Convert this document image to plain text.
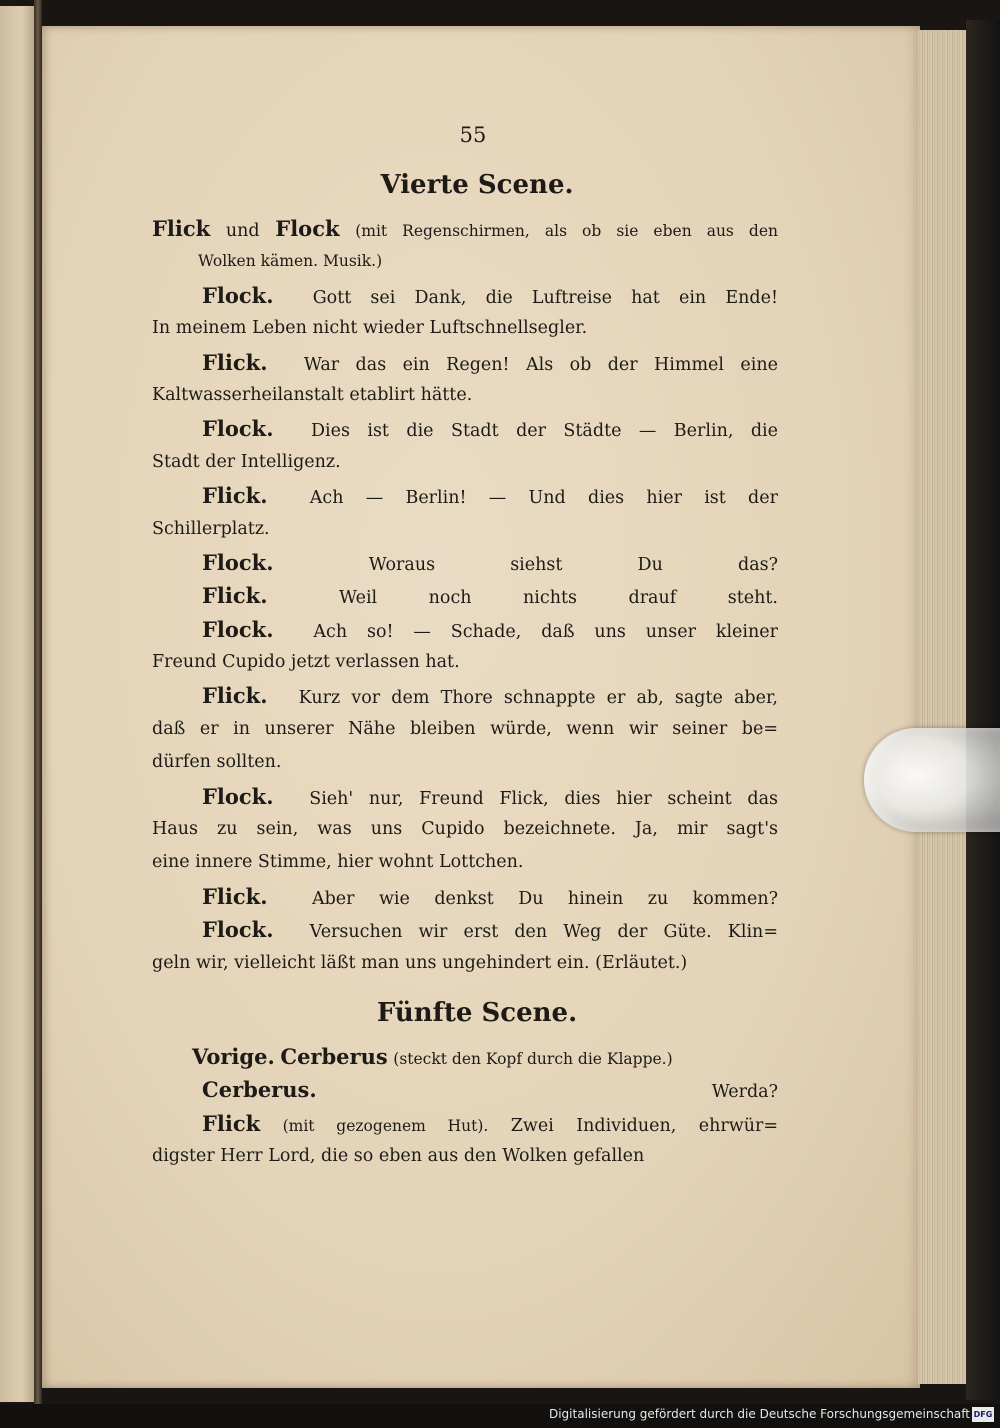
55
Vierte Scene.
Flick und Flock (mit Regenschirmen, als ob sie eben aus den
Wolken kämen. Musik.)
Flock. Gott sei Dank, die Luftreise hat ein Ende!
In meinem Leben nicht wieder Luftschnellsegler.
Flick. War das ein Regen! Als ob der Himmel eine
Kaltwasserheilanstalt etablirt hätte.
Flock. Dies ist die Stadt der Städte — Berlin, die
Stadt der Intelligenz.
Flick. Ach — Berlin! — Und dies hier ist der
Schillerplatz.
Flock.	Woraus siehst Du das?
Flick.	Weil noch nichts drauf steht.
Flock. Ach so! — Schade, daß uns unser kleiner
Freund Cupido jetzt verlassen hat.
Flick. Kurz vor dem Thore schnappte er ab, sagte aber,
daß er in unserer Nähe bleiben würde, wenn wir seiner be=
dürfen sollten.
Flock. Sieh' nur, Freund Flick, dies hier scheint das
Haus zu sein, was uns Cupido bezeichnete. Ja, mir sagt's
eine innere Stimme, hier wohnt Lottchen.
Flick.	Aber wie denkst Du hinein zu kommen?
Flock. Versuchen wir erst den Weg der Güte. Klin=
geln wir, vielleicht läßt man uns ungehindert ein. (Erläutet.)
Fünfte Scene.
Vorige. Cerberus (steckt den Kopf durch die Klappe.)
Cerberus.	Werda?
Flick (mit gezogenem Hut). Zwei Individuen, ehrwür=
digster Herr Lord, die so eben aus den Wolken gefallen
Digitalisierung gefördert durch die Deutsche Forschungsgemeinschaft DFG
